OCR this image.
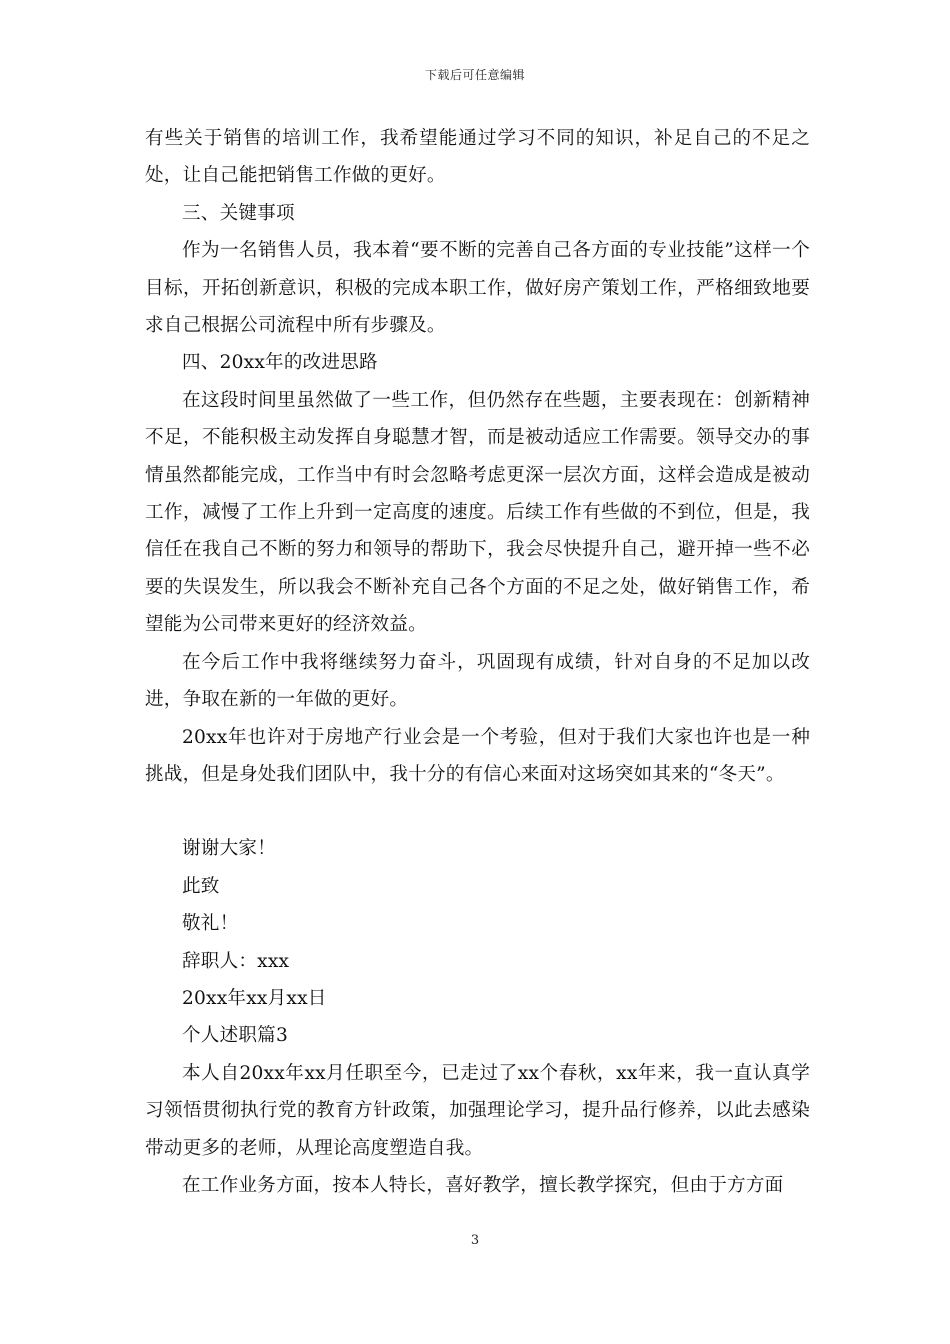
下载后可任意编辑

有些关于销售的培训工作，我希望能通过学习不同的知识，补足自己的不足之处，让自己能把销售工作做的更好。

三、关键事项

作为一名销售人员，我本着“要不断的完善自己各方面的专业技能”这样一个目标，开拓创新意识，积极的完成本职工作，做好房产策划工作，严格细致地要求自己根据公司流程中所有步骤及。

四、20xx年的改进思路

在这段时间里虽然做了一些工作，但仍然存在些题，主要表现在：创新精神不足，不能积极主动发挥自身聪慧才智，而是被动适应工作需要。领导交办的事情虽然都能完成，工作当中有时会忽略考虑更深一层次方面，这样会造成是被动工作，减慢了工作上升到一定高度的速度。后续工作有些做的不到位，但是，我信任在我自己不断的努力和领导的帮助下，我会尽快提升自己，避开掉一些不必要的失误发生，所以我会不断补充自己各个方面的不足之处，做好销售工作，希望能为公司带来更好的经济效益。

在今后工作中我将继续努力奋斗，巩固现有成绩，针对自身的不足加以改进，争取在新的一年做的更好。

20xx年也许对于房地产行业会是一个考验，但对于我们大家也许也是一种挑战，但是身处我们团队中，我十分的有信心来面对这场突如其来的“冬天”。

谢谢大家！

此致

敬礼！

辞职人：xxx

20xx年xx月xx日

个人述职篇3

本人自20xx年xx月任职至今，已走过了xx个春秋，xx年来，我一直认真学习领悟贯彻执行党的教育方针政策，加强理论学习，提升品行修养，以此去感染带动更多的老师，从理论高度塑造自我。

在工作业务方面，按本人特长，喜好教学，擅长教学探究，但由于方方面

3
